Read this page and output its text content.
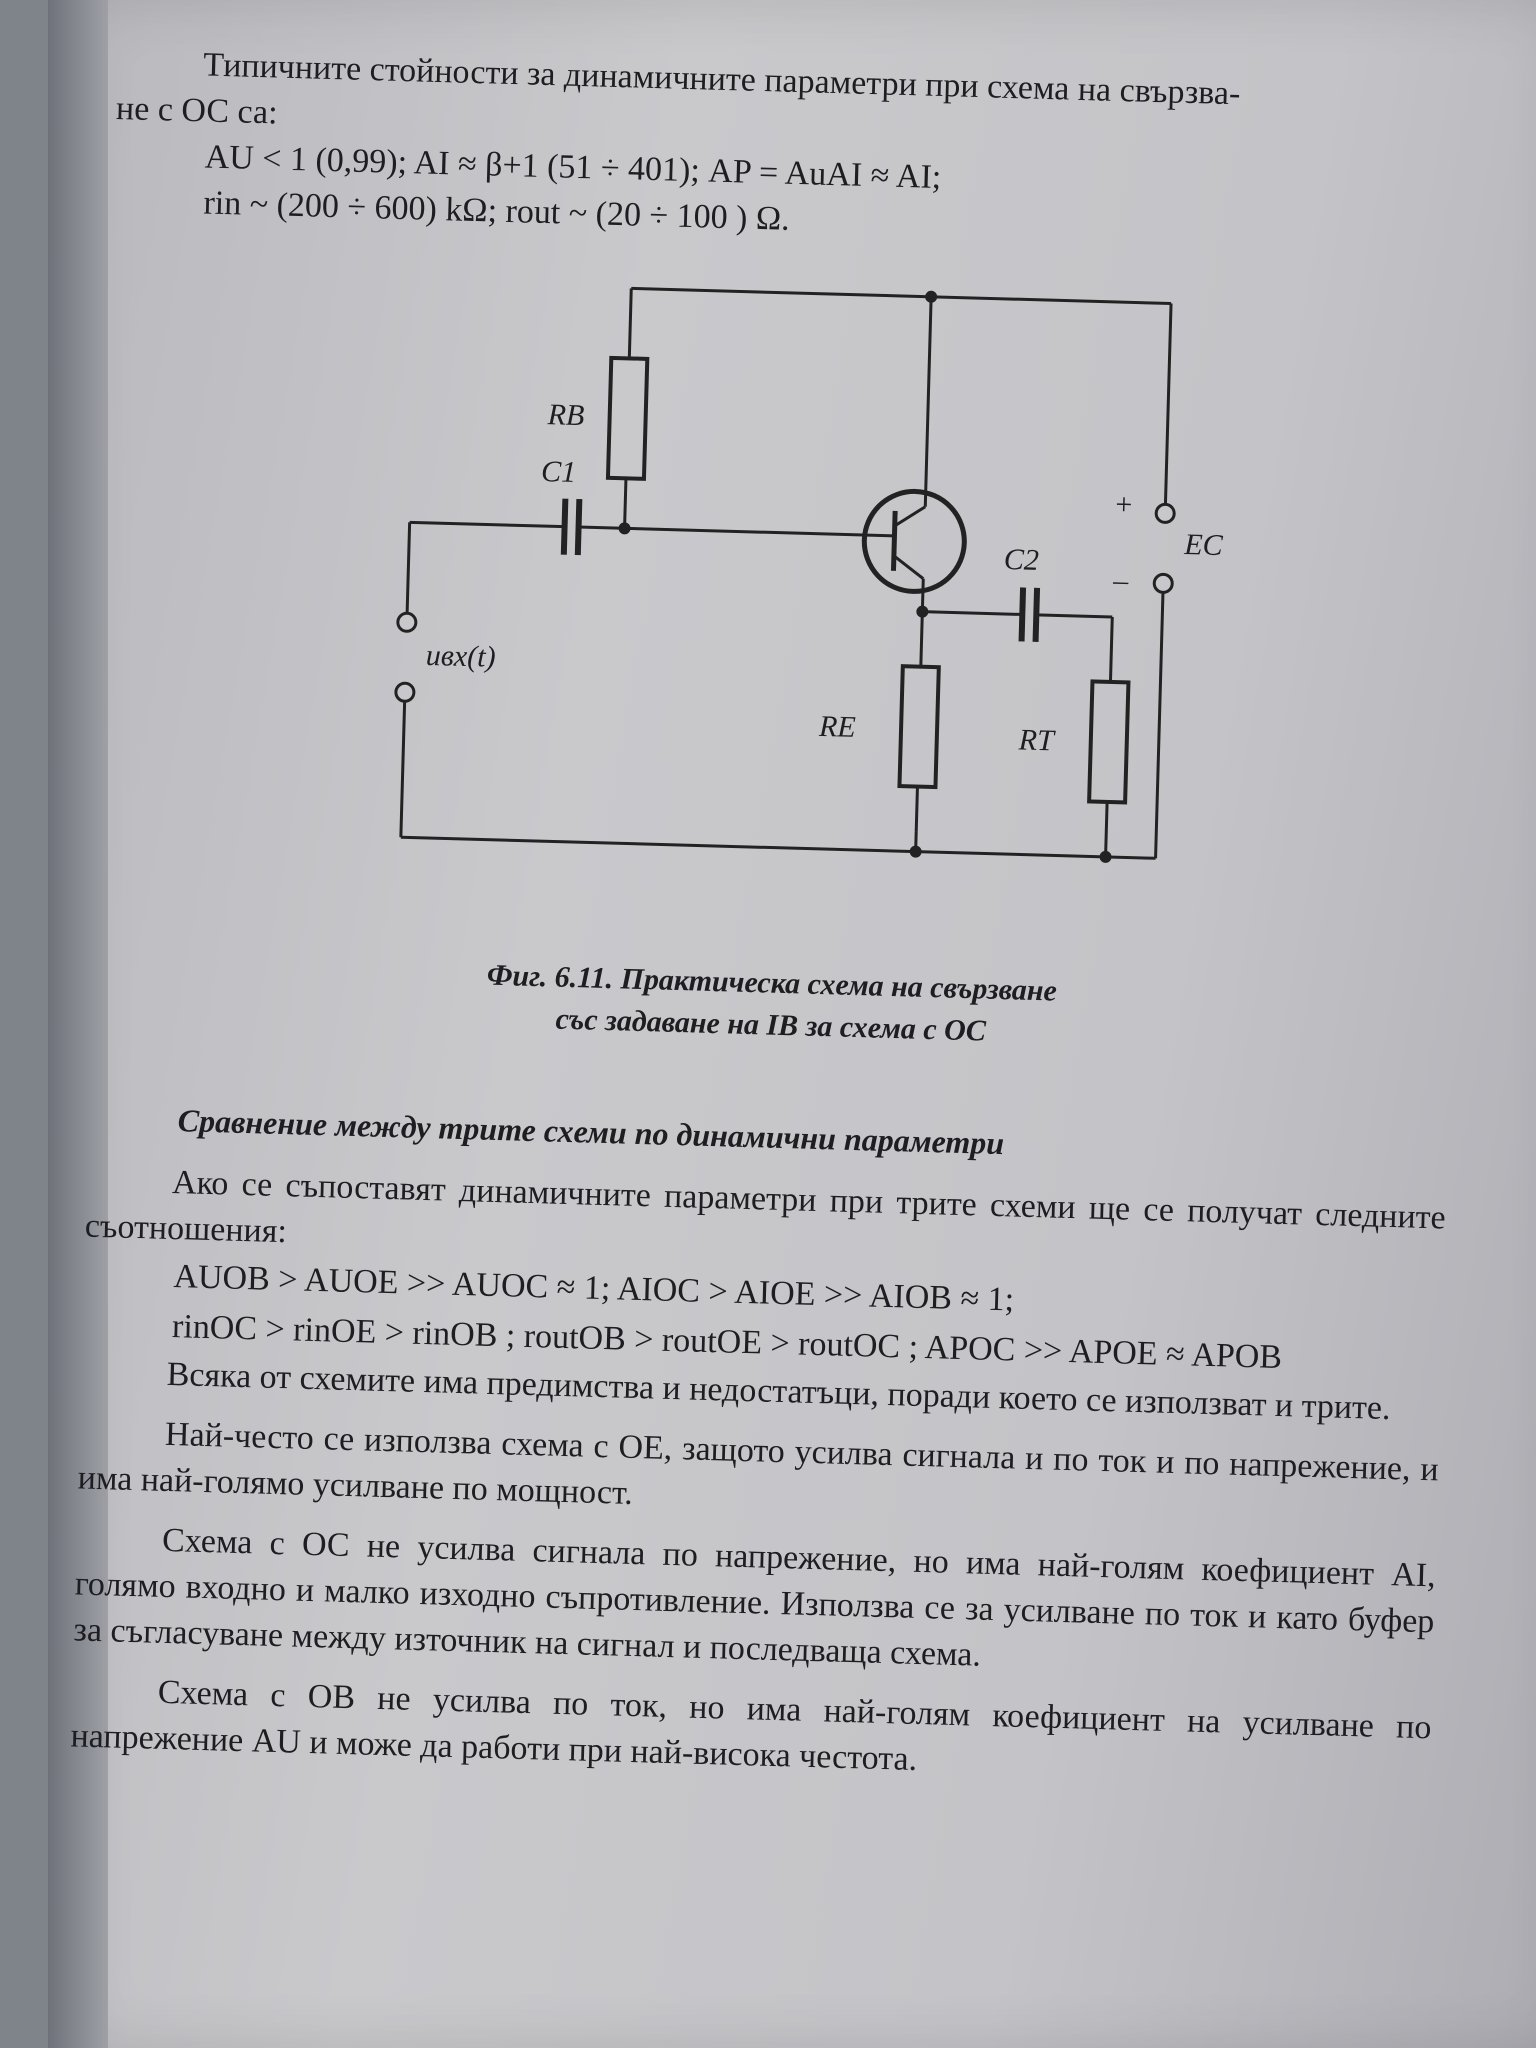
Типичните стойности за динамичните параметри при схема на свързва-

не с ОС са:

AU < 1 (0,99); AI ≈ β+1 (51 ÷ 401); AP = AuAI ≈ AI;

rin ~ (200 ÷ 600) kΩ; rout ~ (20 ÷ 100 ) Ω.

RB
C1
C2
RE	RT
EC
uвх(t)
+
–

Фиг. 6.11. Практическа схема на свързване

със задаване на IB за схема с ОС

Сравнение между трите схеми по динамични параметри

Ако се съпоставят динамичните параметри при трите схеми ще се получат следните съотношения:

AUOB > AUOE >> AUOC ≈ 1; AIOC > AIOE >> AIOB ≈ 1;

rinOC > rinOE > rinOB ; routOB > routOE > routOC ; APOC >> APOE ≈ APOB

Всяка от схемите има предимства и недостатъци, поради което се използват и трите.

Най-често се използва схема с ОЕ, защото усилва сигнала и по ток и по напрежение, и има най-голямо усилване по мощност.

Схема с ОС не усилва сигнала по напрежение, но има най-голям коефициент AI, голямо входно и малко изходно съпротивление. Използва се за усилване по ток и като буфер за съгласуване между източник на сигнал и последваща схема.

Схема с ОВ не усилва по ток, но има най-голям коефициент на усилване по напрежение AU и може да работи при най-висока честота.
